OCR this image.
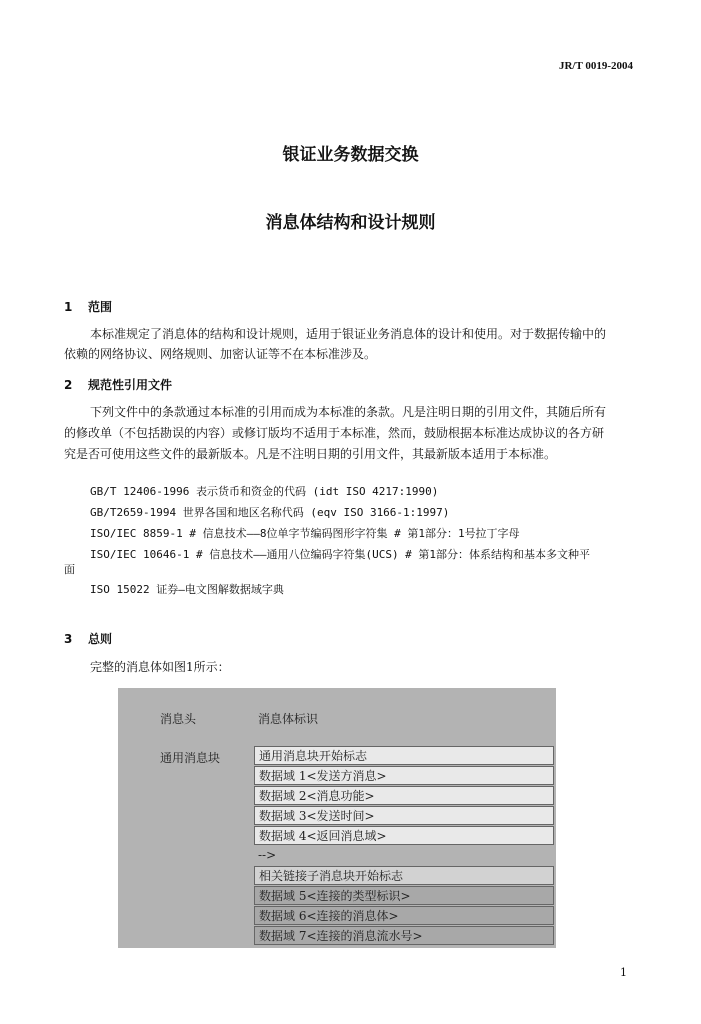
JR/T 0019-2004
银证业务数据交换
消息体结构和设计规则
1 范围
本标准规定了消息体的结构和设计规则，适用于银证业务消息体的设计和使用。对于数据传输中的
依赖的网络协议、网络规则、加密认证等不在本标准涉及。
2 规范性引用文件
下列文件中的条款通过本标准的引用而成为本标准的条款。凡是注明日期的引用文件，其随后所有
的修改单（不包括勘误的内容）或修订版均不适用于本标准，然而，鼓励根据本标准达成协议的各方研
究是否可使用这些文件的最新版本。凡是不注明日期的引用文件，其最新版本适用于本标准。
GB/T 12406-1996 表示货币和资金的代码 (idt ISO 4217:1990)
GB/T2659-1994 世界各国和地区名称代码 (eqv ISO 3166-1:1997)
ISO/IEC 8859-1 # 信息技术——8位单字节编码图形字符集 # 第1部分：1号拉丁字母
ISO/IEC 10646-1 # 信息技术——通用八位编码字符集(UCS) # 第1部分：体系结构和基本多文种平
面
ISO 15022 证券—电文图解数据域字典
3 总则
完整的消息体如图1所示：
消息头	消息体标识
通用消息块	通用消息块开始标志
数据域 1<发送方消息>
数据域 2<消息功能>
数据域 3<发送时间>
数据域 4<返回消息域>
-->
相关链接子消息块开始标志
数据域 5<连接的类型标识>
数据域 6<连接的消息体>
数据域 7<连接的消息流水号>
1
